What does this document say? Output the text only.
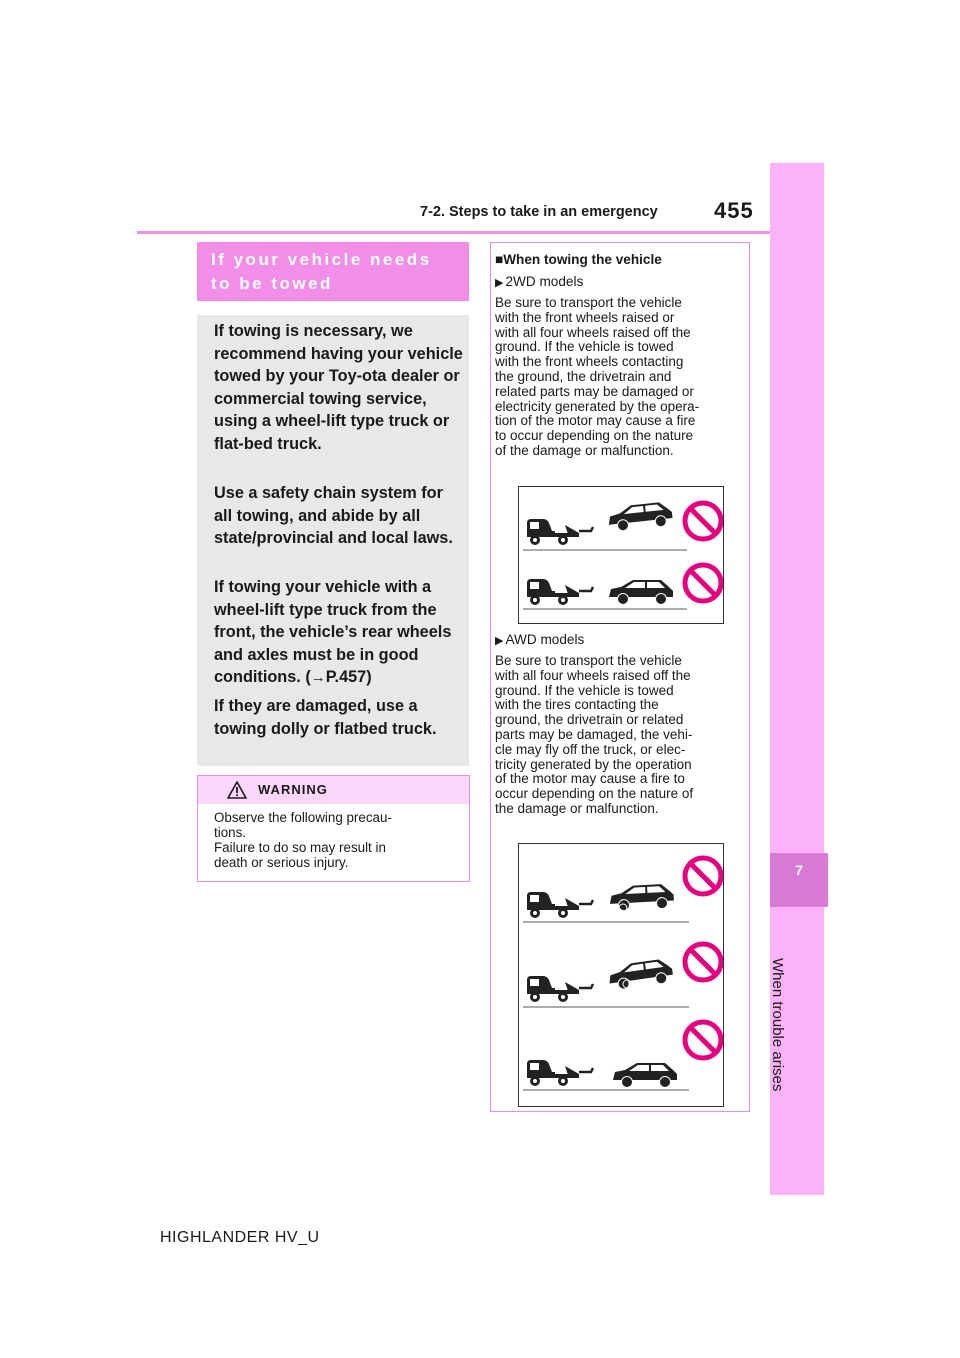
7-2. Steps to take in an emergency	455
7
When trouble arises
If your vehicle needs
to be towed
If towing is necessary, we recommend having your vehicle towed by your Toy-ota dealer or commercial towing service, using a wheel-lift type truck or flat-bed truck.
Use a safety chain system for all towing, and abide by all state/provincial and local laws.
If towing your vehicle with a wheel-lift type truck from the front, the vehicle’s rear wheels and axles must be in good conditions. (→P.457)
If they are damaged, use a towing dolly or flatbed truck.
WARNING
Observe the following precau-
tions.
Failure to do so may result in
death or serious injury.
■When towing the vehicle
▶ 2WD models
Be sure to transport the vehicle
with the front wheels raised or
with all four wheels raised off the
ground. If the vehicle is towed
with the front wheels contacting
the ground, the drivetrain and
related parts may be damaged or
electricity generated by the opera-
tion of the motor may cause a fire
to occur depending on the nature
of the damage or malfunction.
▶ AWD models
Be sure to transport the vehicle
with all four wheels raised off the
ground. If the vehicle is towed
with the tires contacting the
ground, the drivetrain or related
parts may be damaged, the vehi-
cle may fly off the truck, or elec-
tricity generated by the operation
of the motor may cause a fire to
occur depending on the nature of
the damage or malfunction.
HIGHLANDER HV_U
